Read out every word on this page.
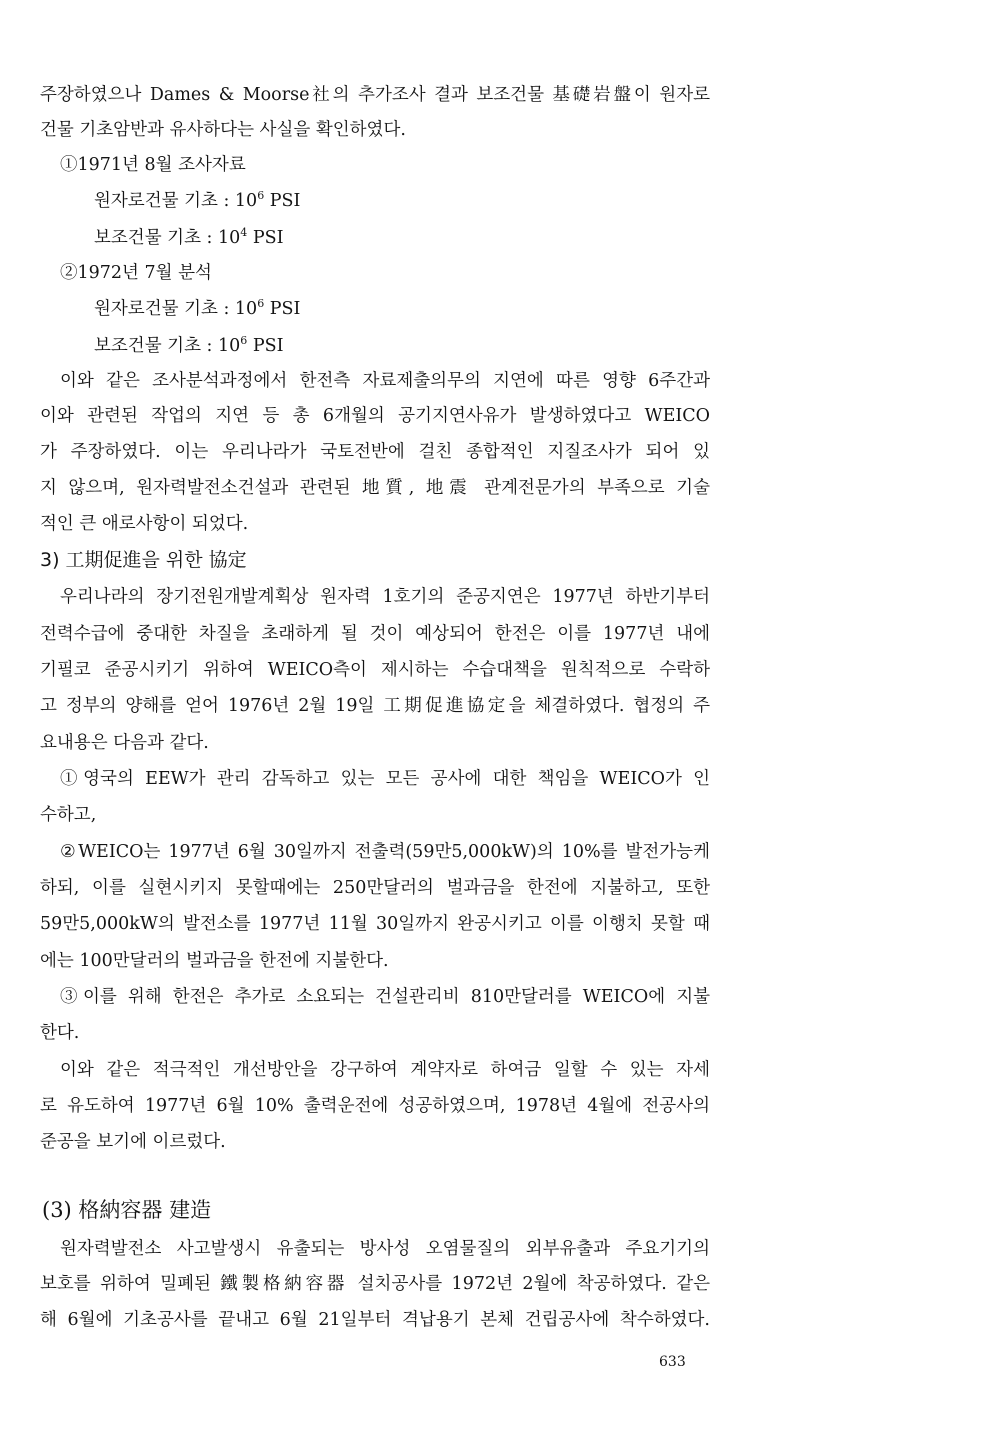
주장하였으나 Dames & Moorse社의 추가조사 결과 보조건물 基礎岩盤이 원자로
건물 기초암반과 유사하다는 사실을 확인하였다.
①1971년 8월 조사자료
원자로건물 기초 : $10^6$ PSI
보조건물 기초 : $10^4$ PSI
②1972년 7월 분석
원자로건물 기초 : $10^6$ PSI
보조건물 기초 : $10^6$ PSI
이와 같은 조사분석과정에서 한전측 자료제출의무의 지연에 따른 영향 6주간과
이와 관련된 작업의 지연 등 총 6개월의 공기지연사유가 발생하였다고 WEICO
가 주장하였다. 이는 우리나라가 국토전반에 걸친 종합적인 지질조사가 되어 있
지 않으며, 원자력발전소건설과 관련된 地質, 地震 관계전문가의 부족으로 기술
적인 큰 애로사항이 되었다.
3) 工期促進을 위한 協定
우리나라의 장기전원개발계획상 원자력 1호기의 준공지연은 1977년 하반기부터
전력수급에 중대한 차질을 초래하게 될 것이 예상되어 한전은 이를 1977년 내에
기필코 준공시키기 위하여 WEICO측이 제시하는 수습대책을 원칙적으로 수락하
고 정부의 양해를 얻어 1976년 2월 19일 工期促進協定을 체결하였다. 협정의 주
요내용은 다음과 같다.
①영국의 EEW가 관리 감독하고 있는 모든 공사에 대한 책임을 WEICO가 인
수하고,
②WEICO는 1977년 6월 30일까지 전출력(59만5,000kW)의 10%를 발전가능케
하되, 이를 실현시키지 못할때에는 250만달러의 벌과금을 한전에 지불하고, 또한
59만5,000kW의 발전소를 1977년 11월 30일까지 완공시키고 이를 이행치 못할 때
에는 100만달러의 벌과금을 한전에 지불한다.
③이를 위해 한전은 추가로 소요되는 건설관리비 810만달러를 WEICO에 지불
한다.
이와 같은 적극적인 개선방안을 강구하여 계약자로 하여금 일할 수 있는 자세
로 유도하여 1977년 6월 10% 출력운전에 성공하였으며, 1978년 4월에 전공사의
준공을 보기에 이르렀다.
(3) 格納容器 建造
원자력발전소 사고발생시 유출되는 방사성 오염물질의 외부유출과 주요기기의
보호를 위하여 밀폐된 鐵製格納容器 설치공사를 1972년 2월에 착공하였다. 같은
해 6월에 기초공사를 끝내고 6월 21일부터 격납용기 본체 건립공사에 착수하였다.
633
